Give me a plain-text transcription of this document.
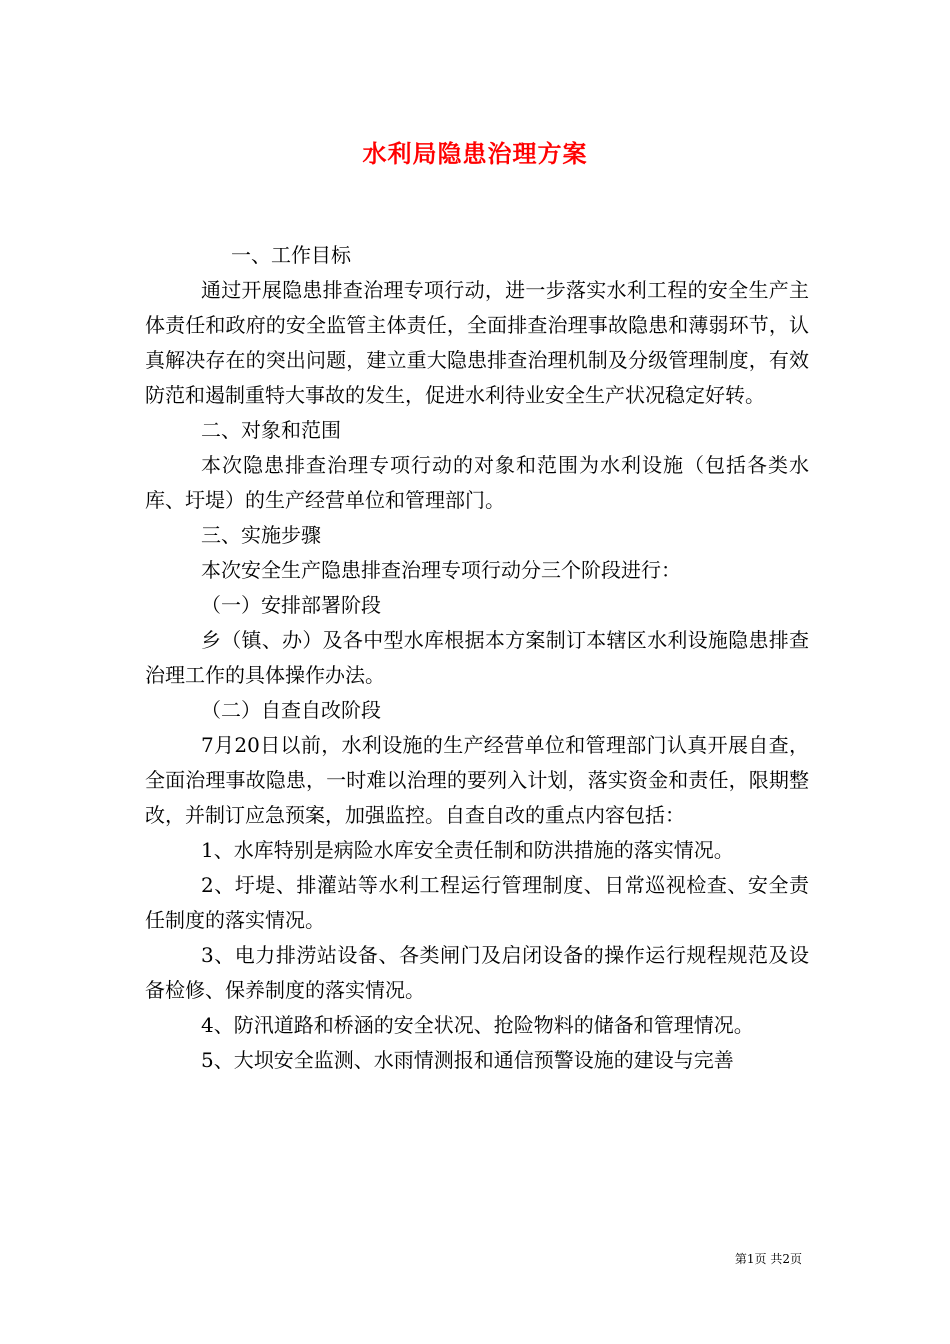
水利局隐患治理方案

一、工作目标

通过开展隐患排查治理专项行动，进一步落实水利工程的安全生产主体责任和政府的安全监管主体责任，全面排查治理事故隐患和薄弱环节，认真解决存在的突出问题，建立重大隐患排查治理机制及分级管理制度，有效防范和遏制重特大事故的发生，促进水利待业安全生产状况稳定好转。

二、对象和范围

本次隐患排查治理专项行动的对象和范围为水利设施（包括各类水库、圩堤）的生产经营单位和管理部门。

三、实施步骤

本次安全生产隐患排查治理专项行动分三个阶段进行：

（一）安排部署阶段

乡（镇、办）及各中型水库根据本方案制订本辖区水利设施隐患排查治理工作的具体操作办法。

（二）自查自改阶段

7月20日以前，水利设施的生产经营单位和管理部门认真开展自查，全面治理事故隐患，一时难以治理的要列入计划，落实资金和责任，限期整改，并制订应急预案，加强监控。自查自改的重点内容包括：

1、水库特别是病险水库安全责任制和防洪措施的落实情况。

2、圩堤、排灌站等水利工程运行管理制度、日常巡视检查、安全责任制度的落实情况。

3、电力排涝站设备、各类闸门及启闭设备的操作运行规程规范及设备检修、保养制度的落实情况。

4、防汛道路和桥涵的安全状况、抢险物料的储备和管理情况。

5、大坝安全监测、水雨情测报和通信预警设施的建设与完善

第1页 共2页
